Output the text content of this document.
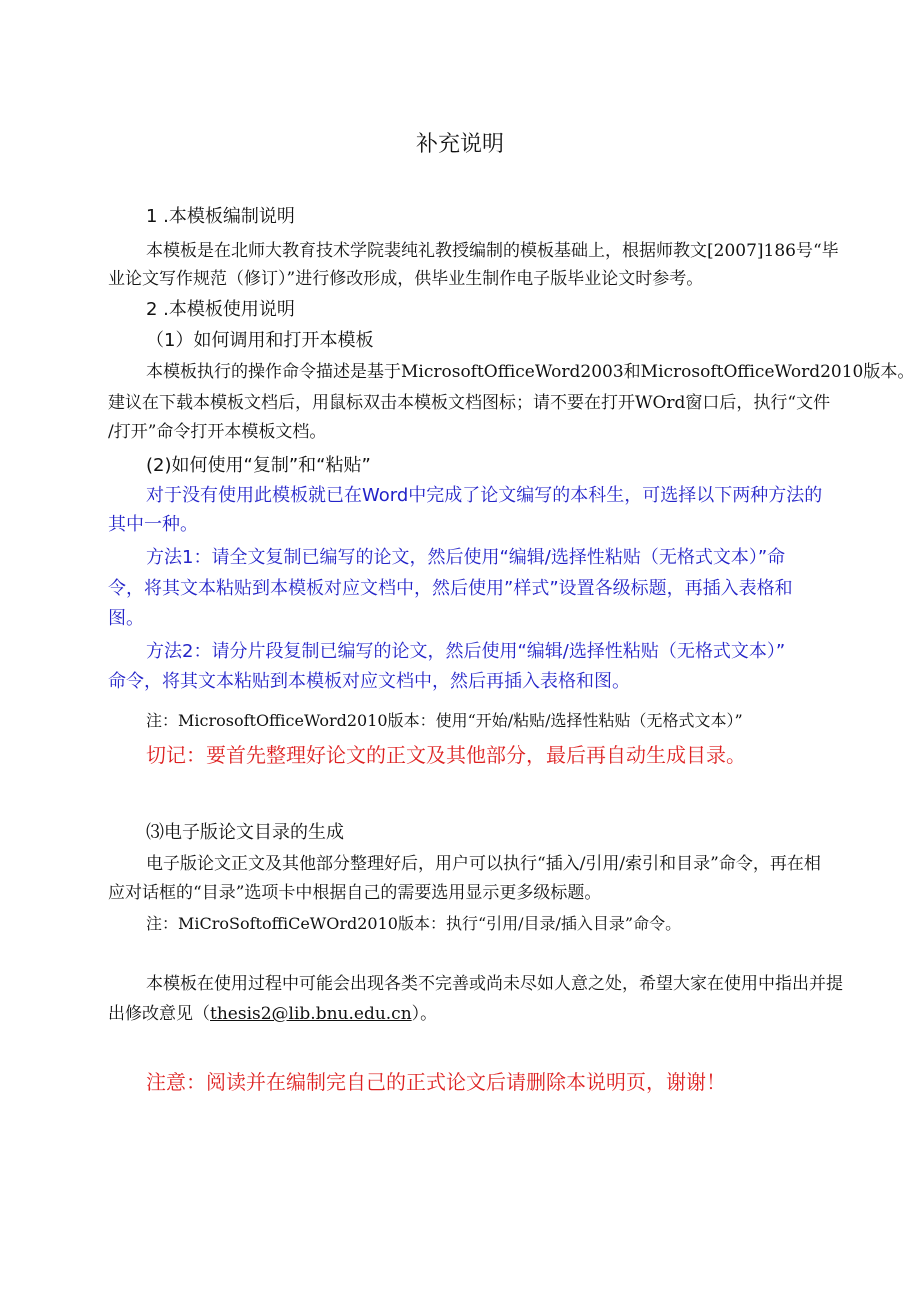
补充说明
1 .本模板编制说明
本模板是在北师大教育技术学院裴纯礼教授编制的模板基础上，根据师教文[2007]186号“毕
业论文写作规范（修订）”进行修改形成，供毕业生制作电子版毕业论文时参考。
2 .本模板使用说明
（1）如何调用和打开本模板
本模板执行的操作命令描述是基于MicrosoftOfficeWord2003和MicrosoftOfficeWord2010版本。
建议在下载本模板文档后，用鼠标双击本模板文档图标；请不要在打开WOrd窗口后，执行“文件
/打开”命令打开本模板文档。
(2)如何使用“复制”和“粘贴”
对于没有使用此模板就已在Word中完成了论文编写的本科生，可选择以下两种方法的
其中一种。
方法1：请全文复制已编写的论文，然后使用“编辑/选择性粘贴（无格式文本）”命
令，将其文本粘贴到本模板对应文档中，然后使用”样式”设置各级标题，再插入表格和
图。
方法2：请分片段复制已编写的论文，然后使用“编辑/选择性粘贴（无格式文本）”
命令，将其文本粘贴到本模板对应文档中，然后再插入表格和图。
注：MicrosoftOfficeWord2010版本：使用“开始/粘贴/选择性粘贴（无格式文本）”
切记：要首先整理好论文的正文及其他部分，最后再自动生成目录。
⑶电子版论文目录的生成
电子版论文正文及其他部分整理好后，用户可以执行“插入/引用/索引和目录”命令，再在相
应对话框的“目录”选项卡中根据自己的需要选用显示更多级标题。
注：MiCroSoftoffiCeWOrd2010版本：执行“引用/目录/插入目录”命令。
本模板在使用过程中可能会出现各类不完善或尚未尽如人意之处，希望大家在使用中指出并提
出修改意见（thesis2@lib.bnu.edu.cn）。
注意：阅读并在编制完自己的正式论文后请删除本说明页，谢谢！
